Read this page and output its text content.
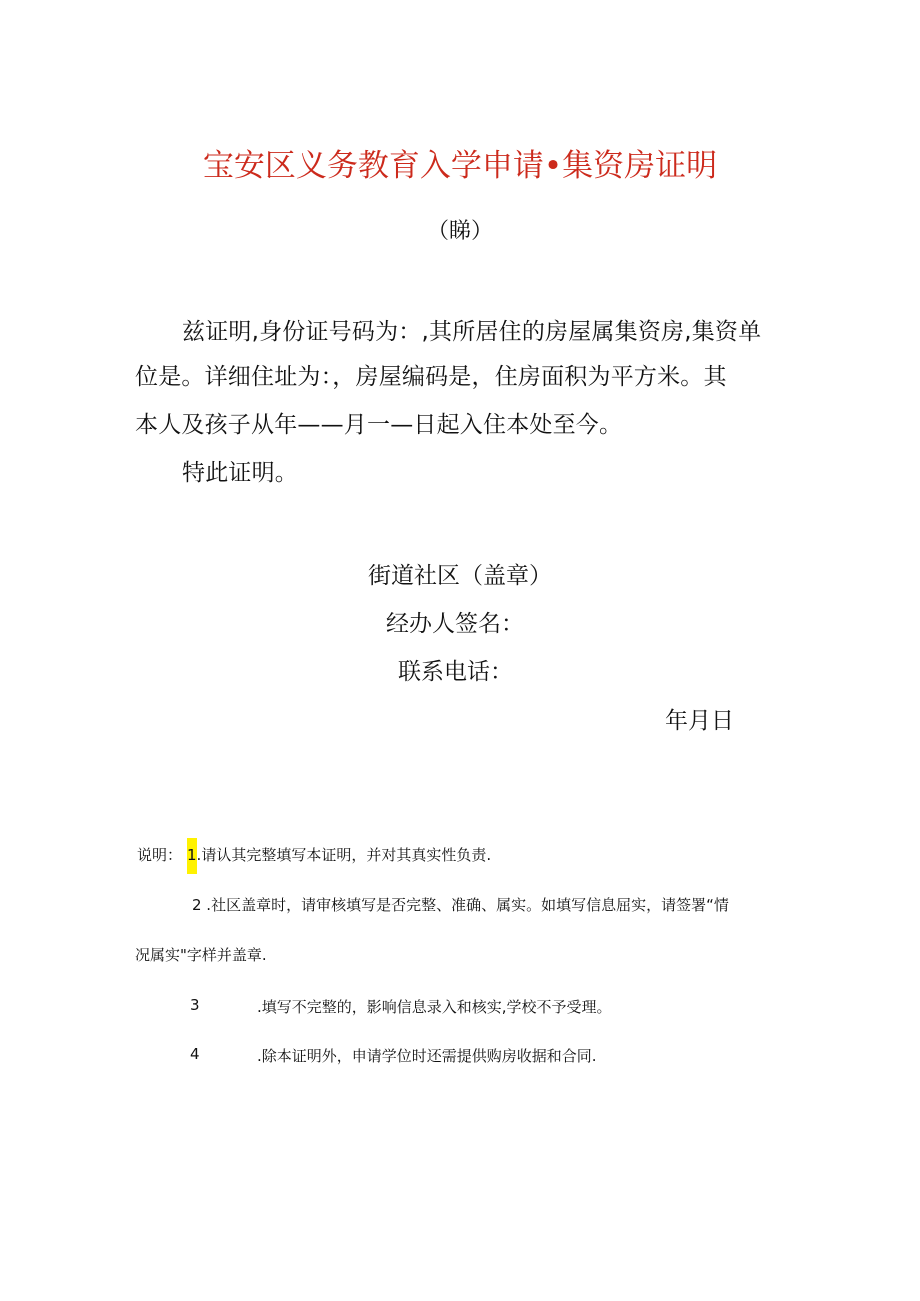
宝安区义务教育入学申请•集资房证明
（睇）
兹证明,身份证号码为：,其所居住的房屋属集资房,集资单
位是。详细住址为：，房屋编码是，住房面积为平方米。其
本人及孩子从年——月一—日起入住本处至今。
特此证明。
街道社区（盖章）
经办人签名：
联系电话：
年月日
说明： 1.请认其完整填写本证明，并对其真实性负责.
2 .社区盖章时，请审核填写是否完整、准确、属实。如填写信息屈实，请签署“情
况属实"字样并盖章.
3	.填写不完整的，影响信息录入和核实,学校不予受理。
4	.除本证明外，申请学位时还需提供购房收据和合同.
